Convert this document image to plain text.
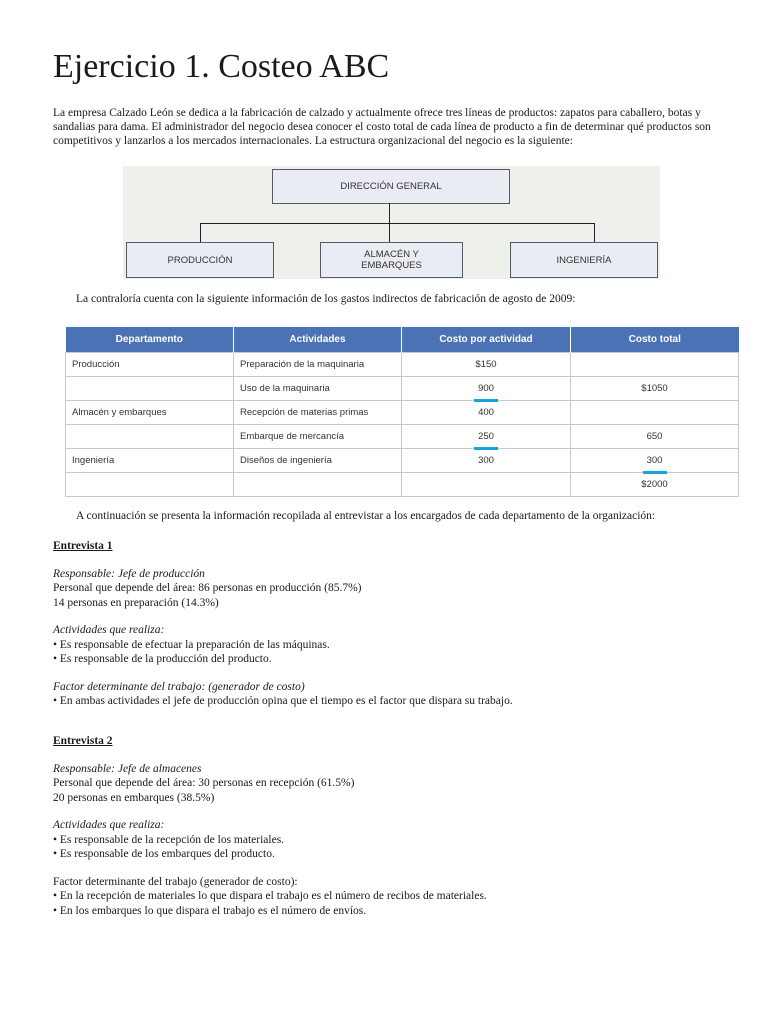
Ejercicio 1. Costeo ABC

La empresa Calzado León se dedica a la fabricación de calzado y actualmente ofrece tres líneas de productos: zapatos para caballero, botas y sandalias para dama. El administrador del negocio desea conocer el costo total de cada línea de producto a fin de determinar qué productos son competitivos y lanzarlos a los mercados internacionales. La estructura organizacional del negocio es la siguiente:

DIRECCIÓN GENERAL
PRODUCCIÓN	ALMACÉN Y
EMBARQUES	INGENIERÍA

La contraloría cuenta con la siguiente información de los gastos indirectos de fabricación de agosto de 2009:

Departamento	Actividades	Costo por actividad	Costo total
Producción	Preparación de la maquinaria	$150	
	Uso de la maquinaria	900	$1050
Almacén y embarques	Recepción de materias primas	400	
	Embarque de mercancía	250	650
Ingeniería	Diseños de ingeniería	300	300

			$2000

A continuación se presenta la información recopilada al entrevistar a los encargados de cada departamento de la organización:

Entrevista 1

Responsable: Jefe de producción

Personal que depende del área: 86 personas en producción (85.7%)

14 personas en preparación (14.3%)

Actividades que realiza:

• Es responsable de efectuar la preparación de las máquinas.

• Es responsable de la producción del producto.

Factor determinante del trabajo: (generador de costo)

• En ambas actividades el jefe de producción opina que el tiempo es el factor que dispara su trabajo.

Entrevista 2

Responsable: Jefe de almacenes

Personal que depende del área: 30 personas en recepción (61.5%)

20 personas en embarques (38.5%)

Actividades que realiza:

• Es responsable de la recepción de los materiales.

• Es responsable de los embarques del producto.

Factor determinante del trabajo (generador de costo):

• En la recepción de materiales lo que dispara el trabajo es el número de recibos de materiales.

• En los embarques lo que dispara el trabajo es el número de envíos.
